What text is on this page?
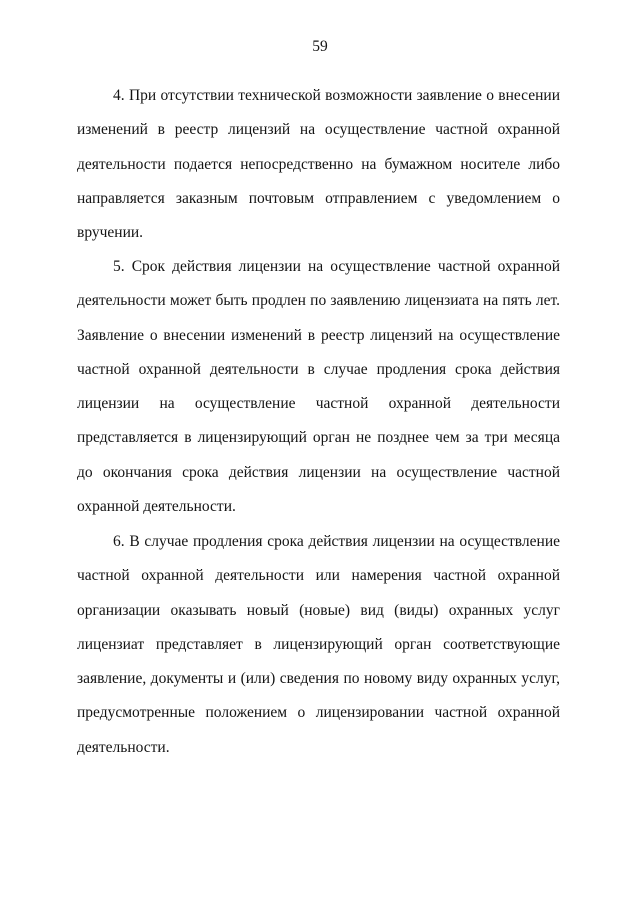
59
4. При отсутствии технической возможности заявление о внесении
изменений в реестр лицензий на осуществление частной охранной
деятельности подается непосредственно на бумажном носителе либо
направляется заказным почтовым отправлением с уведомлением о
вручении.
5. Срок действия лицензии на осуществление частной охранной
деятельности может быть продлен по заявлению лицензиата на пять лет.
Заявление о внесении изменений в реестр лицензий на осуществление
частной охранной деятельности в случае продления срока действия
лицензии на осуществление частной охранной деятельности
представляется в лицензирующий орган не позднее чем за три месяца
до окончания срока действия лицензии на осуществление частной
охранной деятельности.
6. В случае продления срока действия лицензии на осуществление
частной охранной деятельности или намерения частной охранной
организации оказывать новый (новые) вид (виды) охранных услуг
лицензиат представляет в лицензирующий орган соответствующие
заявление, документы и (или) сведения по новому виду охранных услуг,
предусмотренные положением о лицензировании частной охранной
деятельности.
